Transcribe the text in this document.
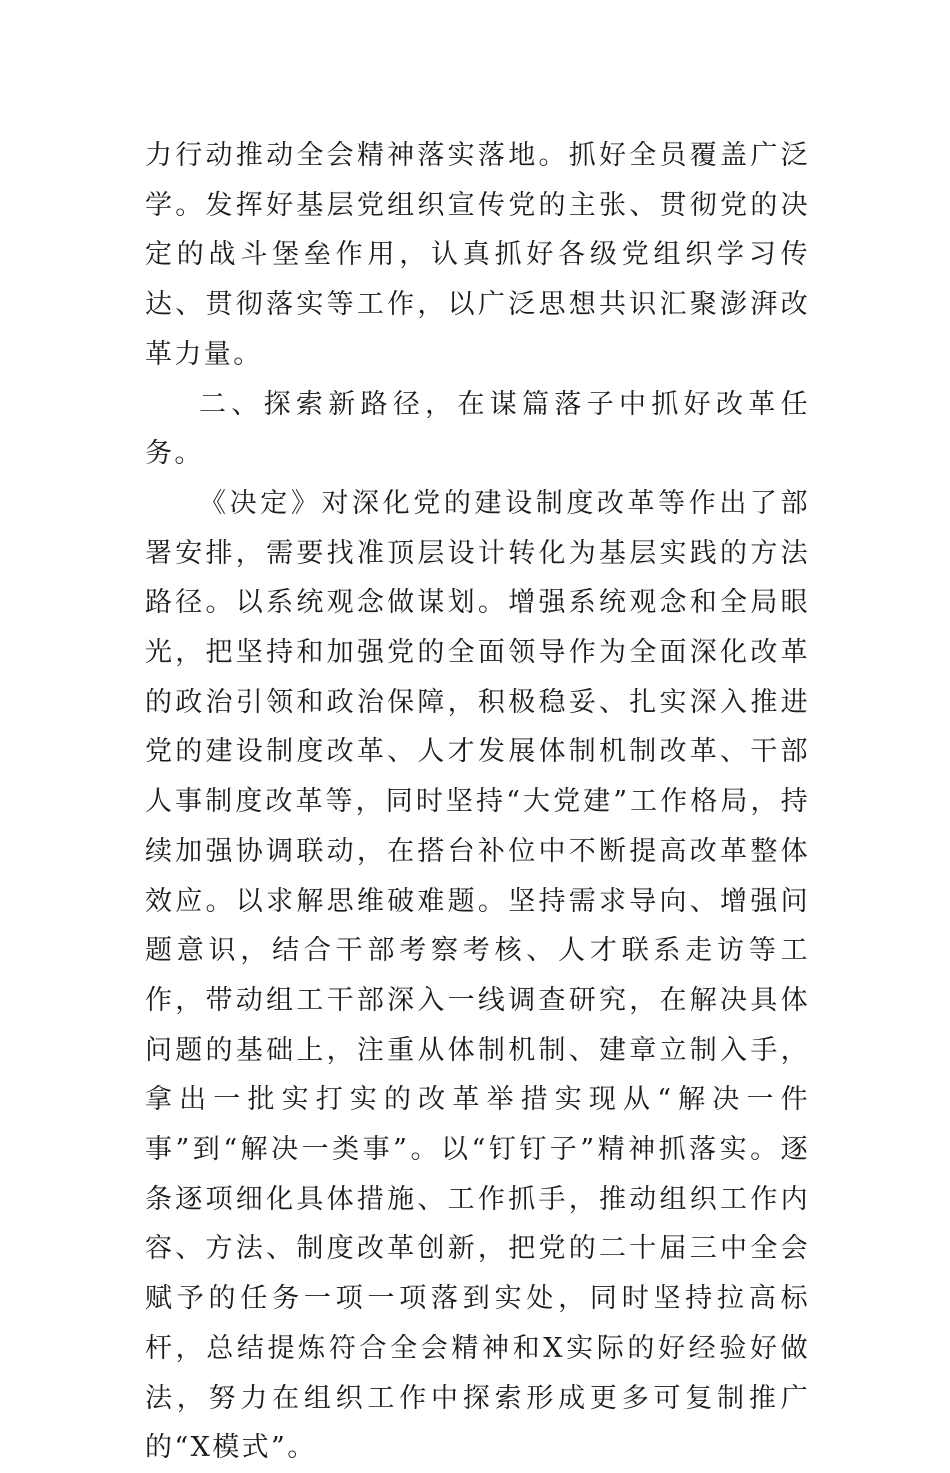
力行动推动全会精神落实落地。抓好全员覆盖广泛学。发挥好基层党组织宣传党的主张、贯彻党的决定的战斗堡垒作用，认真抓好各级党组织学习传达、贯彻落实等工作，以广泛思想共识汇聚澎湃改革力量。

二、探索新路径，在谋篇落子中抓好改革任务。

《决定》对深化党的建设制度改革等作出了部署安排，需要找准顶层设计转化为基层实践的方法路径。以系统观念做谋划。增强系统观念和全局眼光，把坚持和加强党的全面领导作为全面深化改革的政治引领和政治保障，积极稳妥、扎实深入推进党的建设制度改革、人才发展体制机制改革、干部人事制度改革等，同时坚持“大党建”工作格局，持续加强协调联动，在搭台补位中不断提高改革整体效应。以求解思维破难题。坚持需求导向、增强问题意识，结合干部考察考核、人才联系走访等工作，带动组工干部深入一线调查研究，在解决具体问题的基础上，注重从体制机制、建章立制入手，拿出一批实打实的改革举措实现从“解决一件事”到“解决一类事”。以“钉钉子”精神抓落实。逐条逐项细化具体措施、工作抓手，推动组织工作内容、方法、制度改革创新，把党的二十届三中全会赋予的任务一项一项落到实处，同时坚持拉高标杆，总结提炼符合全会精神和X实际的好经验好做法，努力在组织工作中探索形成更多可复制推广的“X模式”。
